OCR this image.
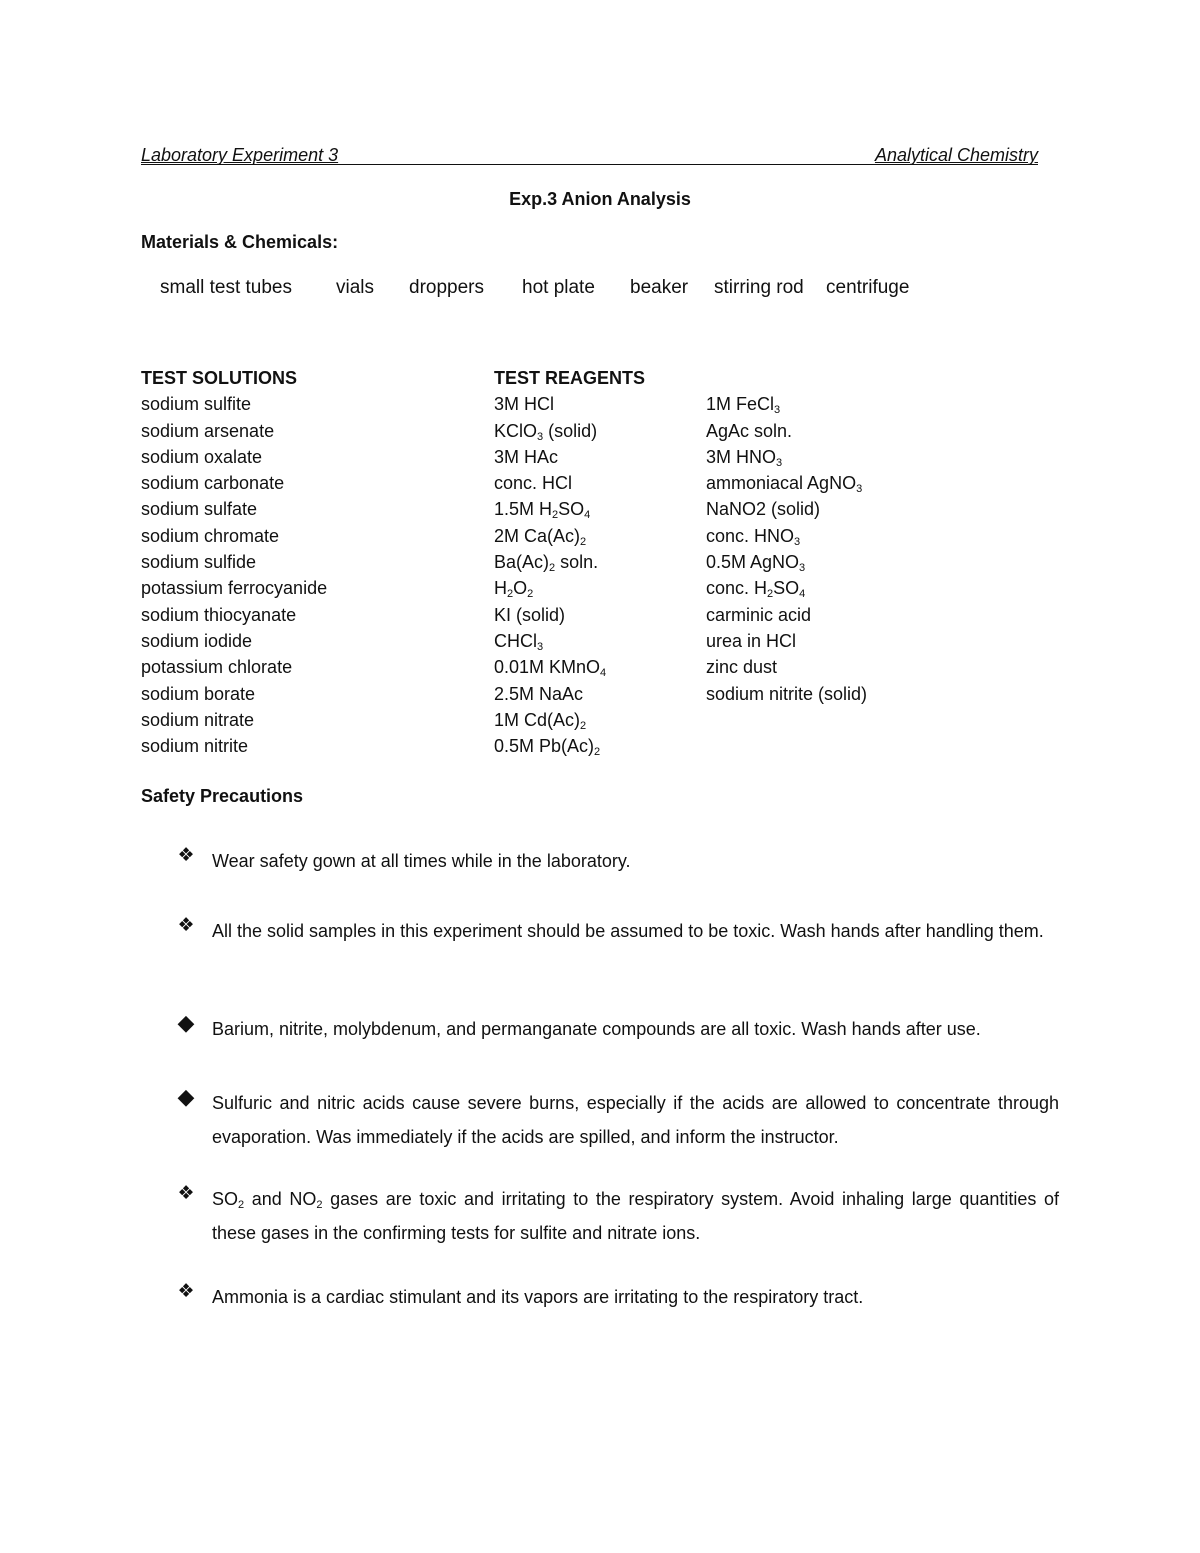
Laboratory Experiment 3	Analytical Chemistry
Exp.3 Anion Analysis
Materials & Chemicals:
small test tubes vials droppers hot plate beaker stirring rod centrifuge
TEST SOLUTIONS
sodium sulfite
sodium arsenate
sodium oxalate
sodium carbonate
sodium sulfate
sodium chromate
sodium sulfide
potassium ferrocyanide
sodium thiocyanate
sodium iodide
potassium chlorate
sodium borate
sodium nitrate
sodium nitrite
TEST REAGENTS
3M HCl
KClO$_3$ (solid)
3M HAc
conc. HCl
1.5M $H_2SO_4$
2M $Ca(Ac)_2$
$Ba(Ac)_2$ soln.
$H_2O_2$
KI (solid)
CHCl$_3$
0.01M KMnO$_4$
2.5M NaAc
1M $Cd(Ac)_2$
0.5M $Pb(Ac)_2$

1M FeCl$_3$
AgAc soln.
3M $HNO_3$
ammoniacal AgNO$_3$
NaNO2 (solid)
conc. $HNO_3$
0.5M AgNO$_3$
conc. $H_2SO_4$
carminic acid
urea in HCl
zinc dust
sodium nitrite (solid)
Safety Precautions
❖ Wear safety gown at all times while in the laboratory.
❖ All the solid samples in this experiment should be assumed to be toxic. Wash hands after handling them.
◆ Barium, nitrite, molybdenum, and permanganate compounds are all toxic. Wash hands after use.
◆ Sulfuric and nitric acids cause severe burns, especially if the acids are allowed to concentrate through evaporation. Was immediately if the acids are spilled, and inform the instructor.
❖ $SO_2$ and $NO_2$ gases are toxic and irritating to the respiratory system. Avoid inhaling large quantities of these gases in the confirming tests for sulfite and nitrate ions.
❖ Ammonia is a cardiac stimulant and its vapors are irritating to the respiratory tract.
